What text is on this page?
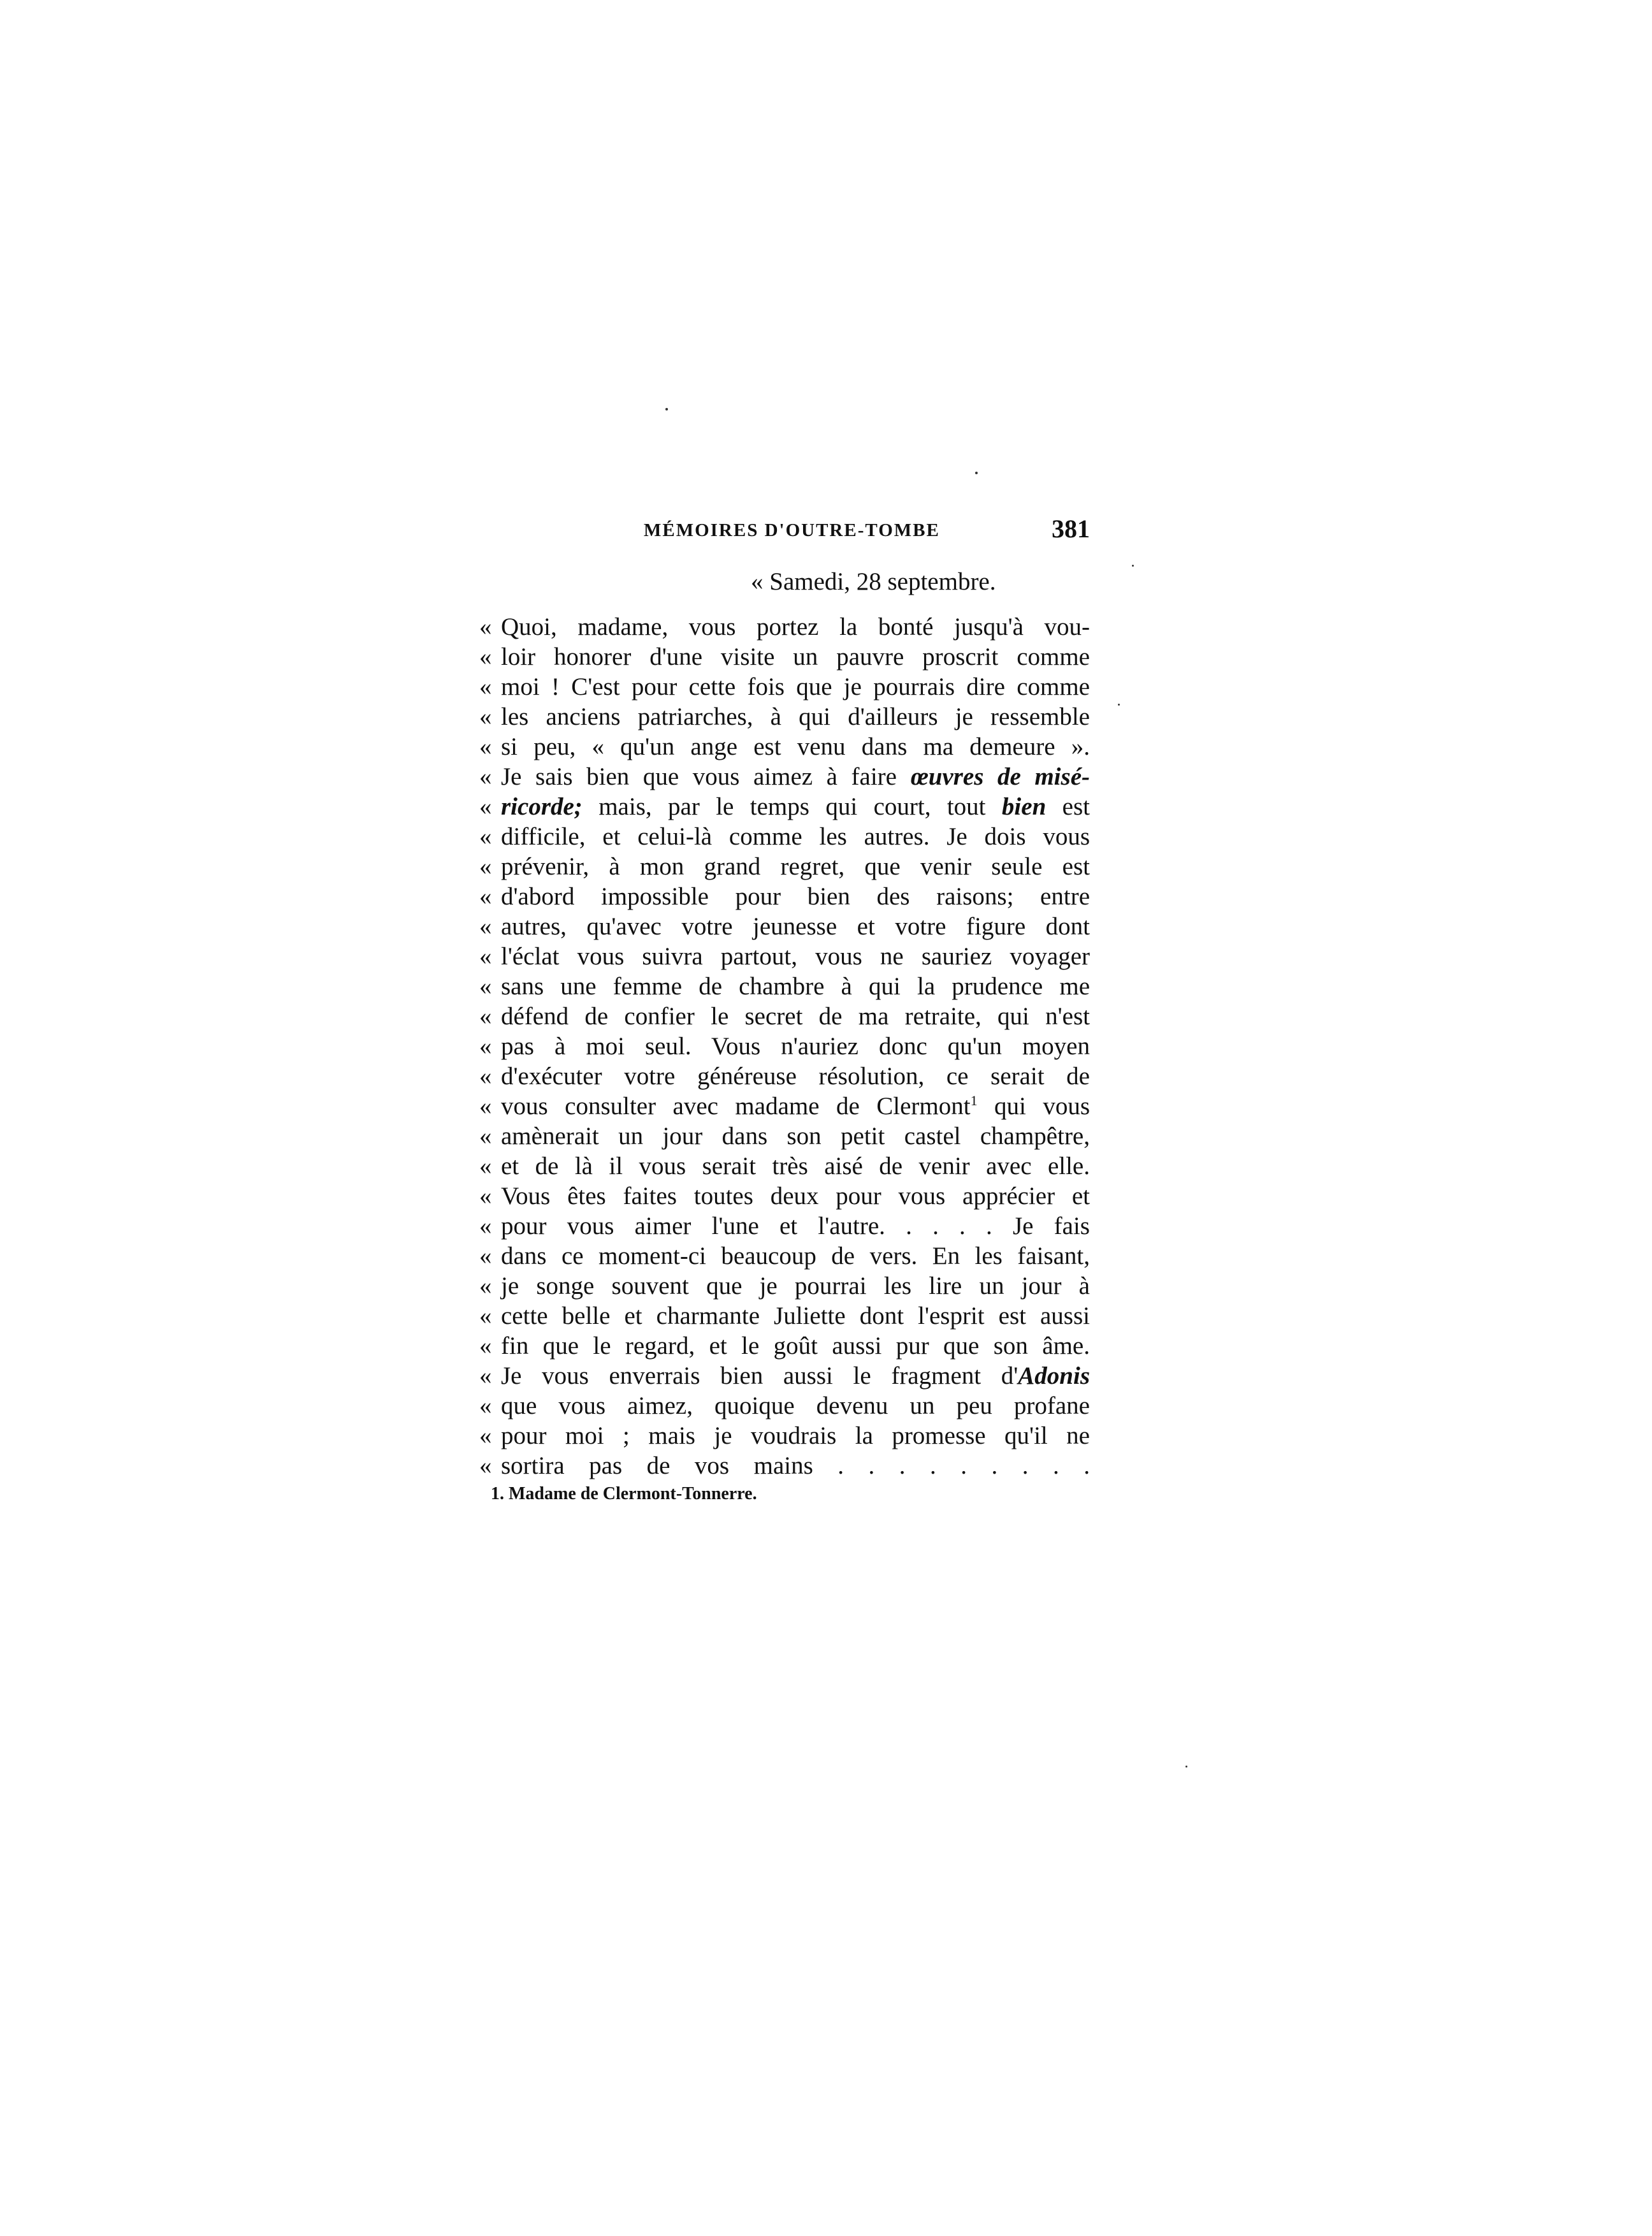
MÉMOIRES D'OUTRE-TOMBE	381
« Samedi, 28 septembre.
« Quoi, madame, vous portez la bonté jusqu'à vou-
« loir honorer d'une visite un pauvre proscrit comme
« moi ! C'est pour cette fois que je pourrais dire comme
« les anciens patriarches, à qui d'ailleurs je ressemble
« si peu, « qu'un ange est venu dans ma demeure ».
« Je sais bien que vous aimez à faire œuvres de misé-
« ricorde; mais, par le temps qui court, tout bien est
« difficile, et celui-là comme les autres. Je dois vous
« prévenir, à mon grand regret, que venir seule est
« d'abord impossible pour bien des raisons; entre
« autres, qu'avec votre jeunesse et votre figure dont
« l'éclat vous suivra partout, vous ne sauriez voyager
« sans une femme de chambre à qui la prudence me
« défend de confier le secret de ma retraite, qui n'est
« pas à moi seul. Vous n'auriez donc qu'un moyen
« d'exécuter votre généreuse résolution, ce serait de
« vous consulter avec madame de Clermont$^1$ qui vous
« amènerait un jour dans son petit castel champêtre,
« et de là il vous serait très aisé de venir avec elle.
« Vous êtes faites toutes deux pour vous apprécier et
« pour vous aimer l'une et l'autre. . . . . Je fais
« dans ce moment-ci beaucoup de vers. En les faisant,
« je songe souvent que je pourrai les lire un jour à
« cette belle et charmante Juliette dont l'esprit est aussi
« fin que le regard, et le goût aussi pur que son âme.
« Je vous enverrais bien aussi le fragment d'Adonis
« que vous aimez, quoique devenu un peu profane
« pour moi ; mais je voudrais la promesse qu'il ne
« sortira pas de vos mains . . . . . . . . .
1. Madame de Clermont-Tonnerre.
